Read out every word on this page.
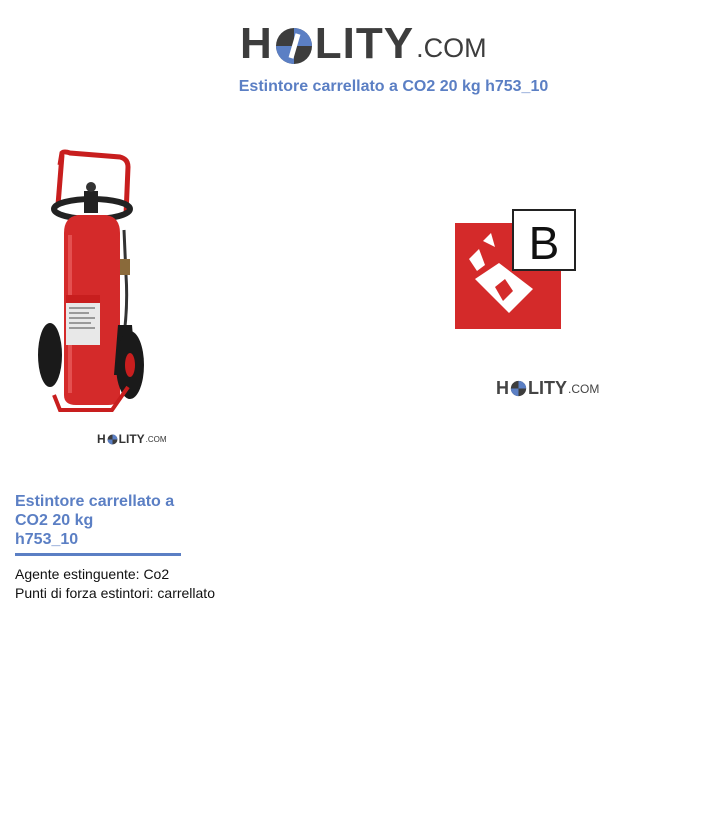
H LITY .COM
Estintore carrellato a CO2 20 kg h753_10
H LITY .COM
B
H LITY .COM
Estintore carrellato a
CO2 20 kg
h753_10
Agente estinguente: Co2
Punti di forza estintori: carrellato
